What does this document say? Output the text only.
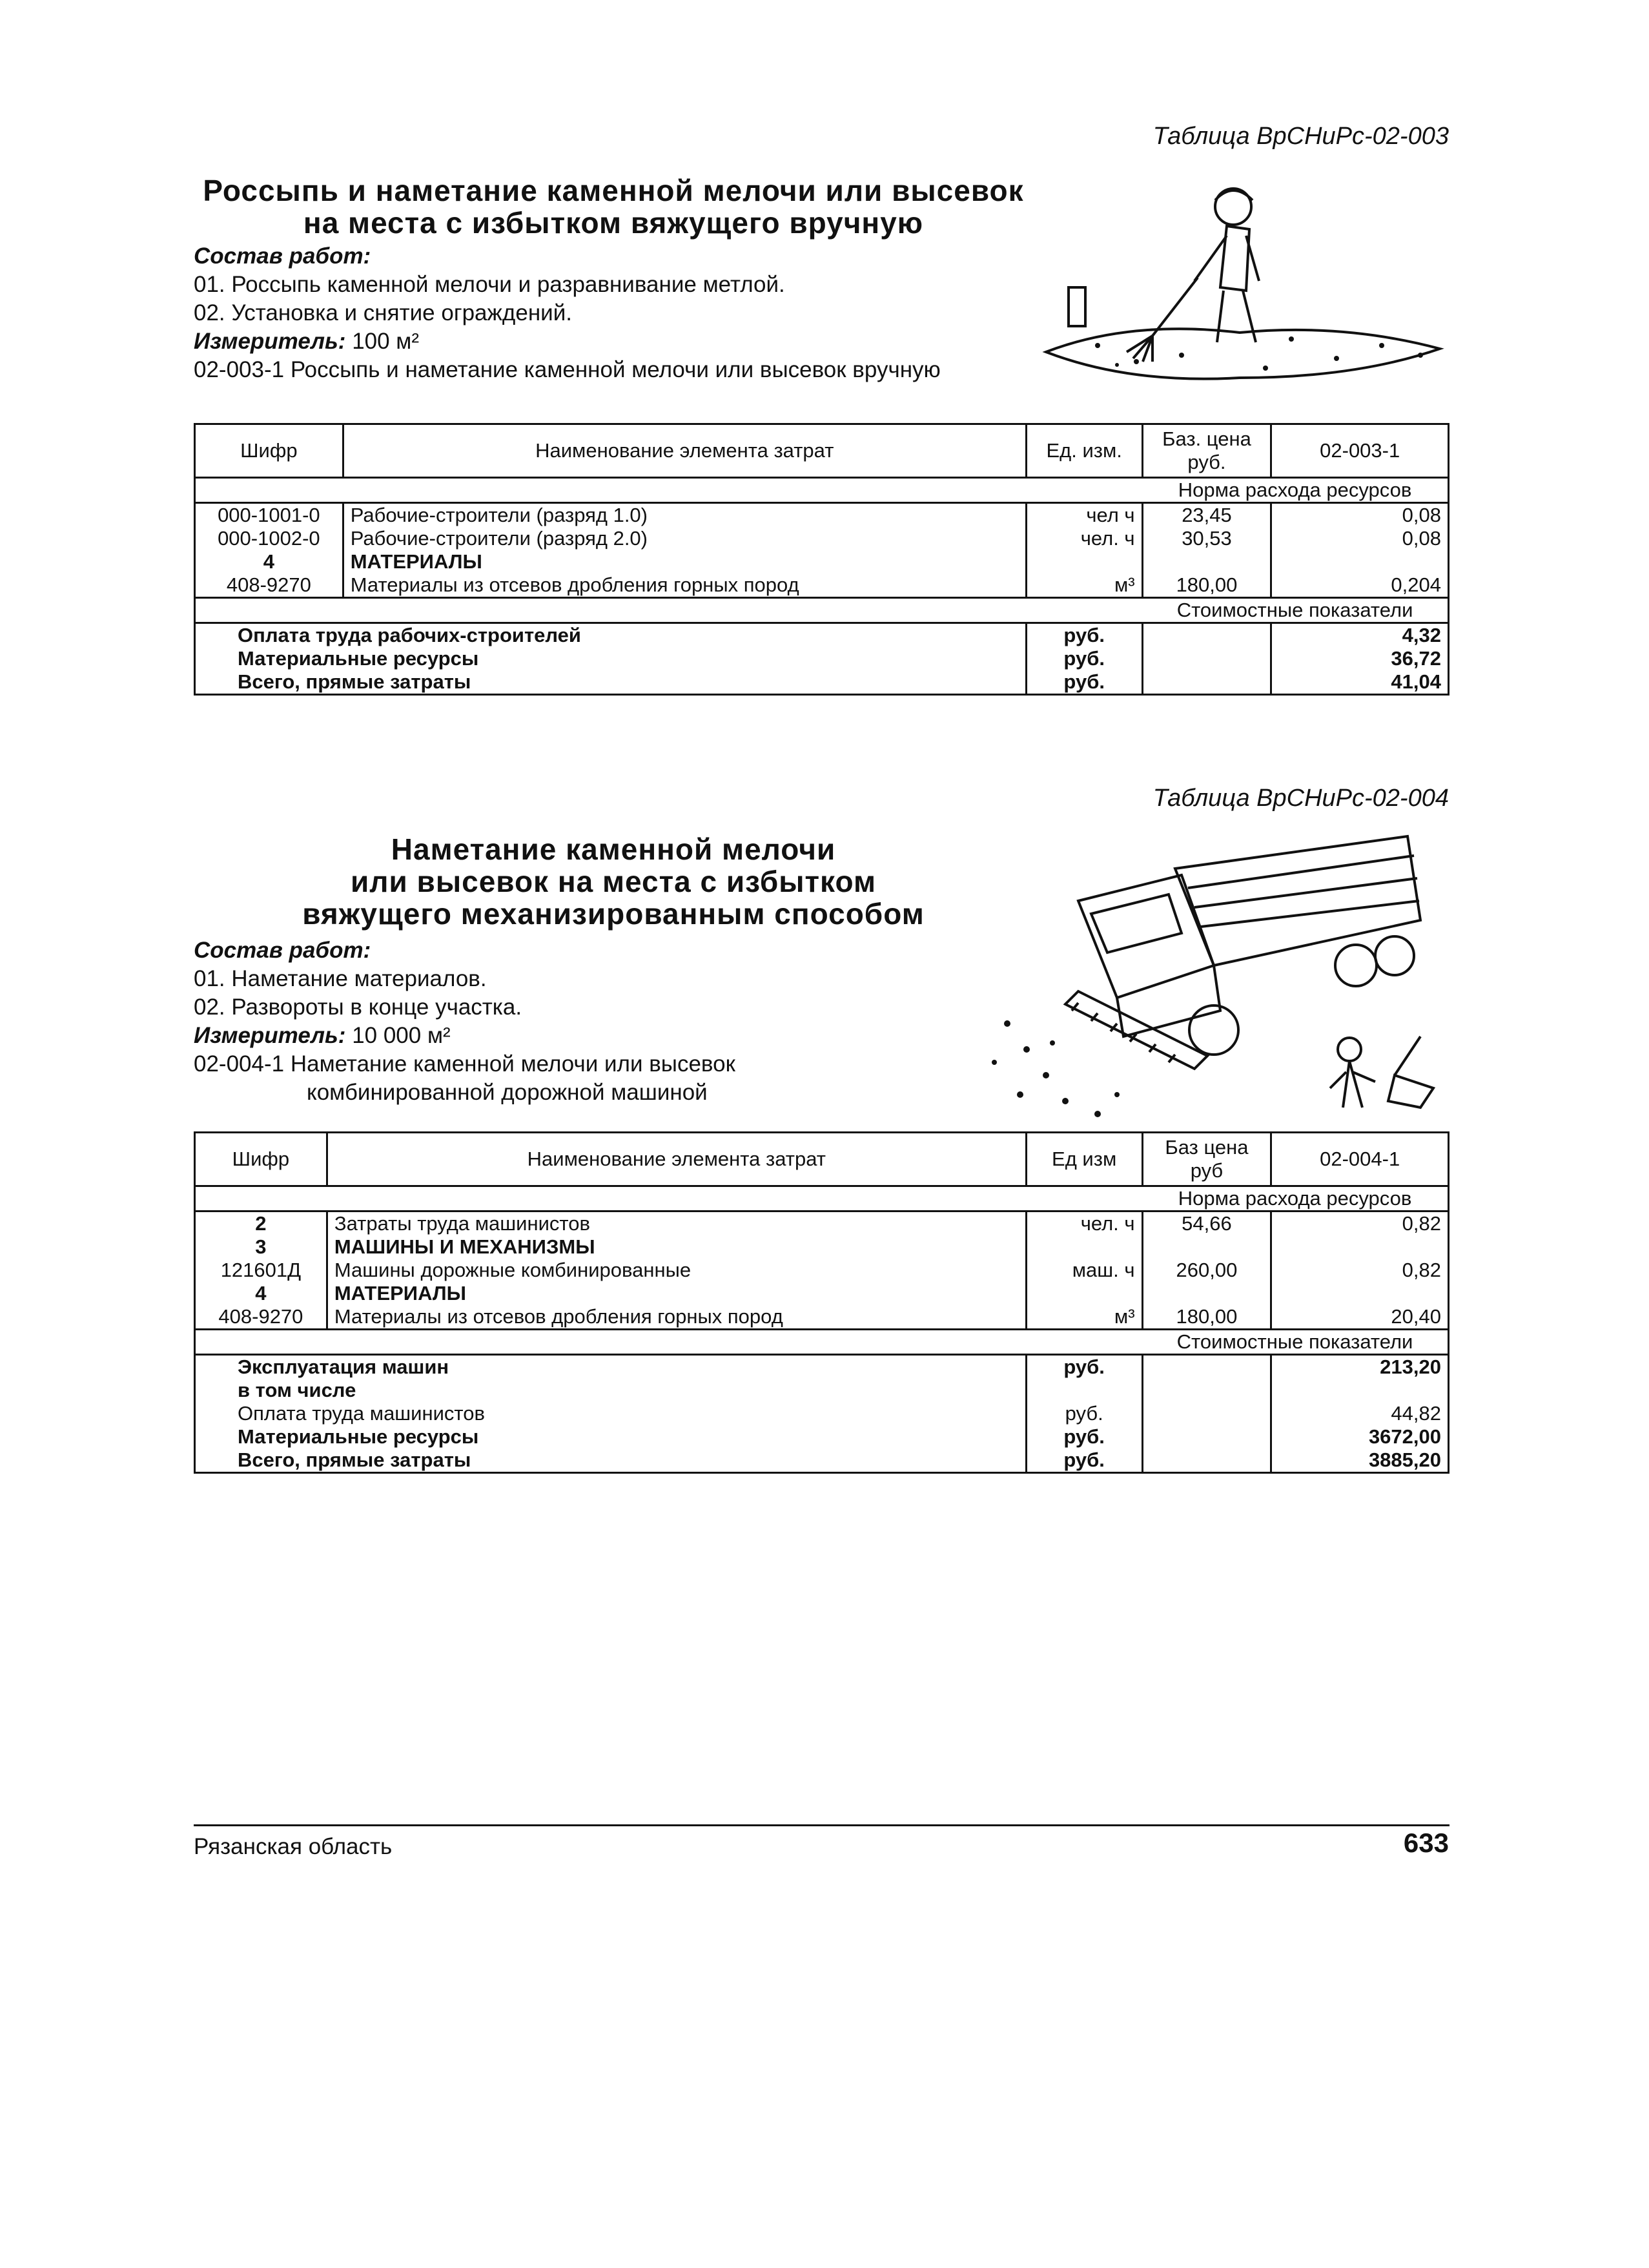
Таблица ВрСНиРс-02-003
Россыпь и наметание каменной мелочи или высевок
на места с избытком вяжущего вручную
Состав работ:
01. Россыпь каменной мелочи и разравнивание метлой.
02. Установка и снятие ограждений.
Измеритель: 100 м²
02-003-1 Россыпь и наметание каменной мелочи или высевок вручную
Шифр	Наименование элемента затрат	Ед. изм.	Баз. цена руб.	02-003-1
			Норма расхода ресурсов	
000-1001-0	Рабочие-строители (разряд 1.0)	чел ч	23,45	0,08
000-1002-0	Рабочие-строители (разряд 2.0)	чел. ч	30,53	0,08
4	МАТЕРИАЛЫ			
408-9270	Материалы из отсевов дробления горных пород	м³	180,00	0,204
			Стоимостные показатели	
Оплата труда рабочих-строителей		руб.		4,32
Материальные ресурсы		руб.		36,72
Всего, прямые затраты		руб.		41,04
Таблица ВрСНиРс-02-004
Наметание каменной мелочи
или высевок на места с избытком
вяжущего механизированным способом
Состав работ:
01. Наметание материалов.
02. Развороты в конце участка.
Измеритель: 10 000 м²
02-004-1 Наметание каменной мелочи или высевок
комбинированной дорожной машиной
Шифр	Наименование элемента затрат	Ед изм	Баз цена руб	02-004-1
			Норма расхода ресурсов	
2	Затраты труда машинистов	чел. ч	54,66	0,82
3	МАШИНЫ И МЕХАНИЗМЫ			
121601Д	Машины дорожные комбинированные	маш. ч	260,00	0,82
4	МАТЕРИАЛЫ			
408-9270	Материалы из отсевов дробления горных пород	м³	180,00	20,40
			Стоимостные показатели	
Эксплуатация машин		руб.		213,20
в том числе				
Оплата труда машинистов		руб.		44,82
Материальные ресурсы		руб.		3672,00
Всего, прямые затраты		руб.		3885,20
Рязанская область	633
